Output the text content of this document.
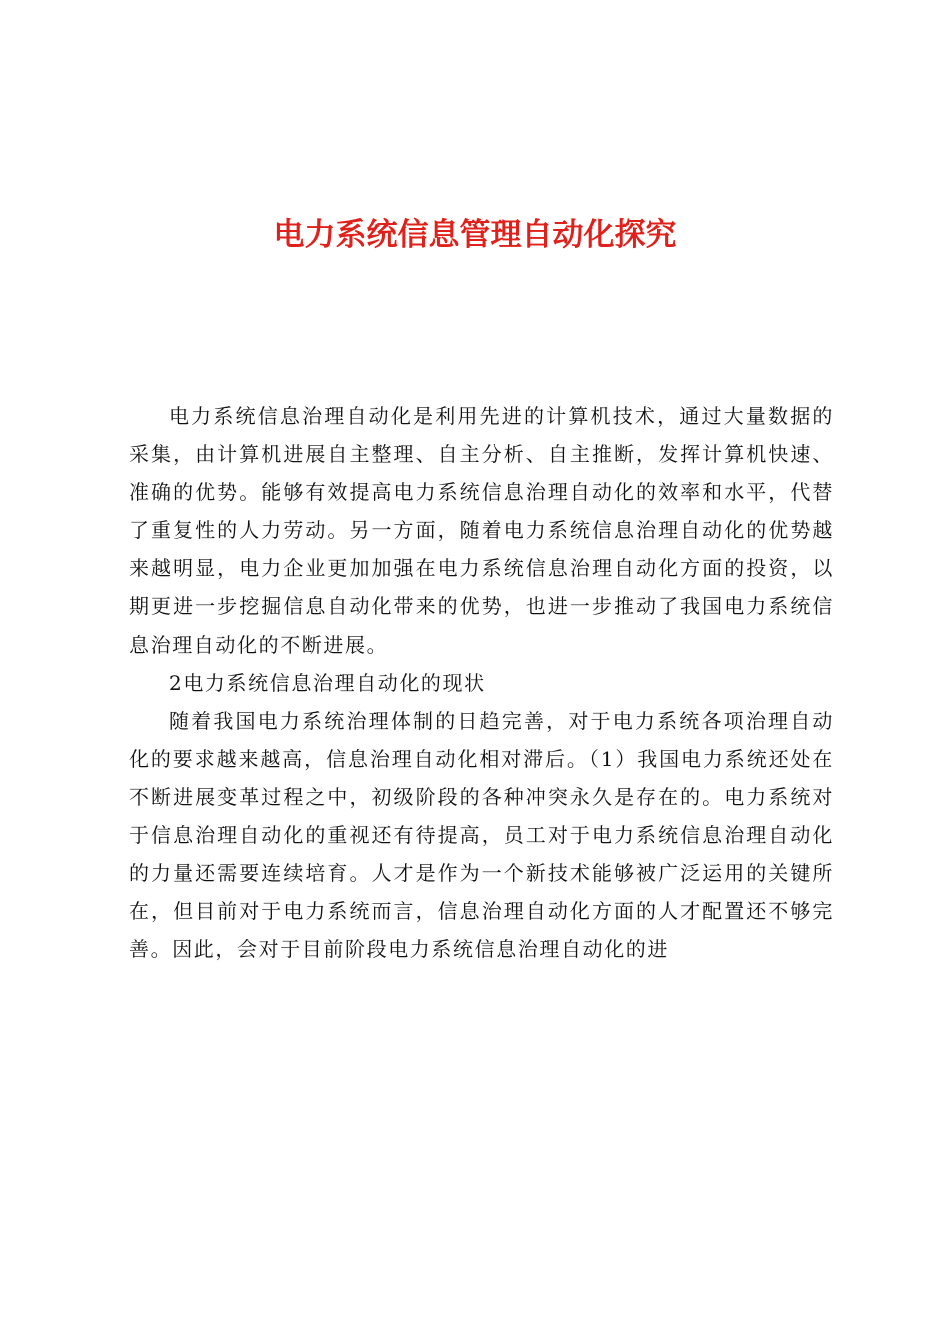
电力系统信息管理自动化探究

电力系统信息治理自动化是利用先进的计算机技术，通过大量数据的采集，由计算机进展自主整理、自主分析、自主推断，发挥计算机快速、准确的优势。能够有效提高电力系统信息治理自动化的效率和水平，代替了重复性的人力劳动。另一方面，随着电力系统信息治理自动化的优势越来越明显，电力企业更加加强在电力系统信息治理自动化方面的投资，以期更进一步挖掘信息自动化带来的优势，也进一步推动了我国电力系统信息治理自动化的不断进展。

2电力系统信息治理自动化的现状

随着我国电力系统治理体制的日趋完善，对于电力系统各项治理自动化的要求越来越高，信息治理自动化相对滞后。（1）我国电力系统还处在不断进展变革过程之中，初级阶段的各种冲突永久是存在的。电力系统对于信息治理自动化的重视还有待提高，员工对于电力系统信息治理自动化的力量还需要连续培育。人才是作为一个新技术能够被广泛运用的关键所在，但目前对于电力系统而言，信息治理自动化方面的人才配置还不够完善。因此，会对于目前阶段电力系统信息治理自动化的进
